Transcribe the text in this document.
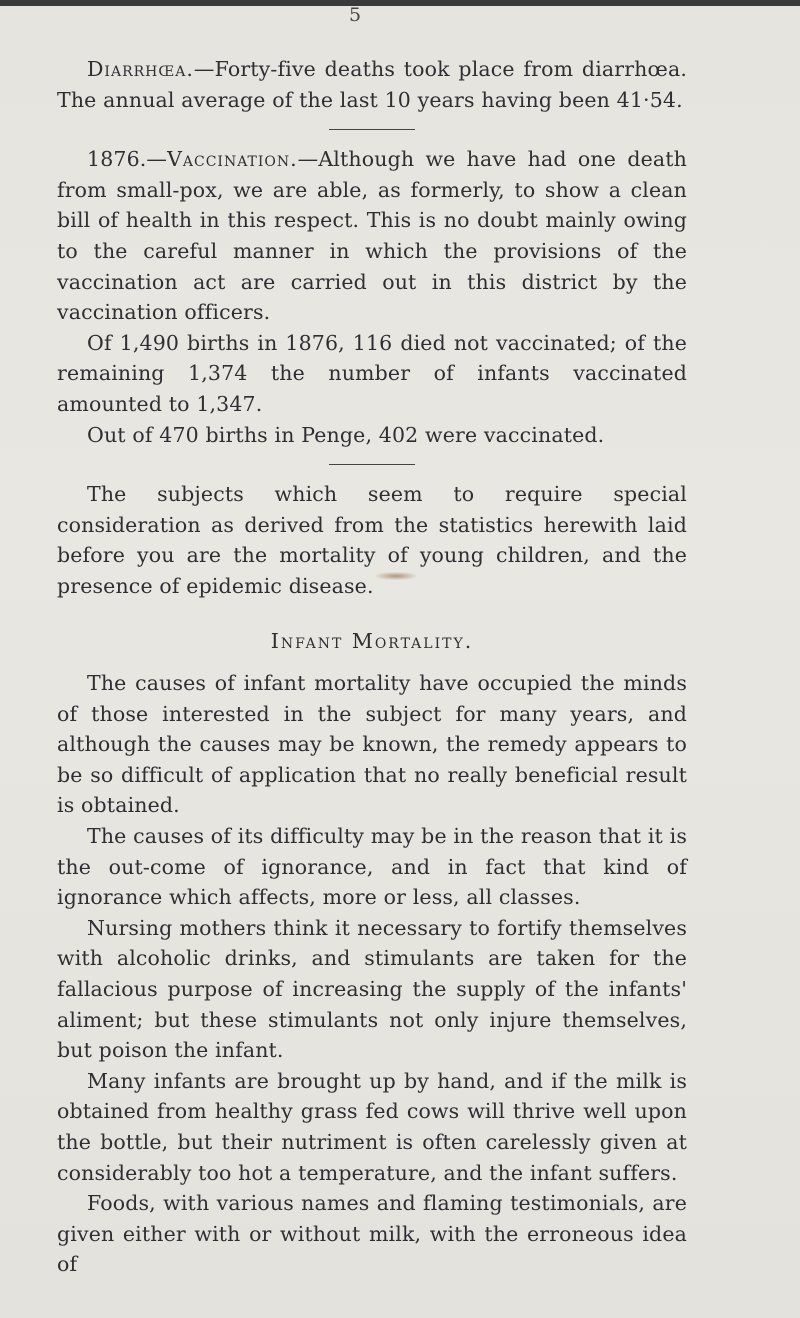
5

Diarrhœa.—Forty-five deaths took place from diarrhœa. The annual average of the last 10 years having been 41·54.

1876.—Vaccination.—Although we have had one death from small-pox, we are able, as formerly, to show a clean bill of health in this respect. This is no doubt mainly owing to the careful manner in which the provisions of the vaccination act are carried out in this district by the vaccination officers.

Of 1,490 births in 1876, 116 died not vaccinated; of the remaining 1,374 the number of infants vaccinated amounted to 1,347.

Out of 470 births in Penge, 402 were vaccinated.

The subjects which seem to require special consideration as derived from the statistics herewith laid before you are the mortality of young children, and the presence of epidemic disease.

Infant Mortality.

The causes of infant mortality have occupied the minds of those interested in the subject for many years, and although the causes may be known, the remedy appears to be so difficult of application that no really beneficial result is obtained.

The causes of its difficulty may be in the reason that it is the out-come of ignorance, and in fact that kind of ignorance which affects, more or less, all classes.

Nursing mothers think it necessary to fortify themselves with alcoholic drinks, and stimulants are taken for the fallacious purpose of increasing the supply of the infants' aliment; but these stimulants not only injure themselves, but poison the infant.

Many infants are brought up by hand, and if the milk is obtained from healthy grass fed cows will thrive well upon the bottle, but their nutriment is often carelessly given at considerably too hot a temperature, and the infant suffers.

Foods, with various names and flaming testimonials, are given either with or without milk, with the erroneous idea of
